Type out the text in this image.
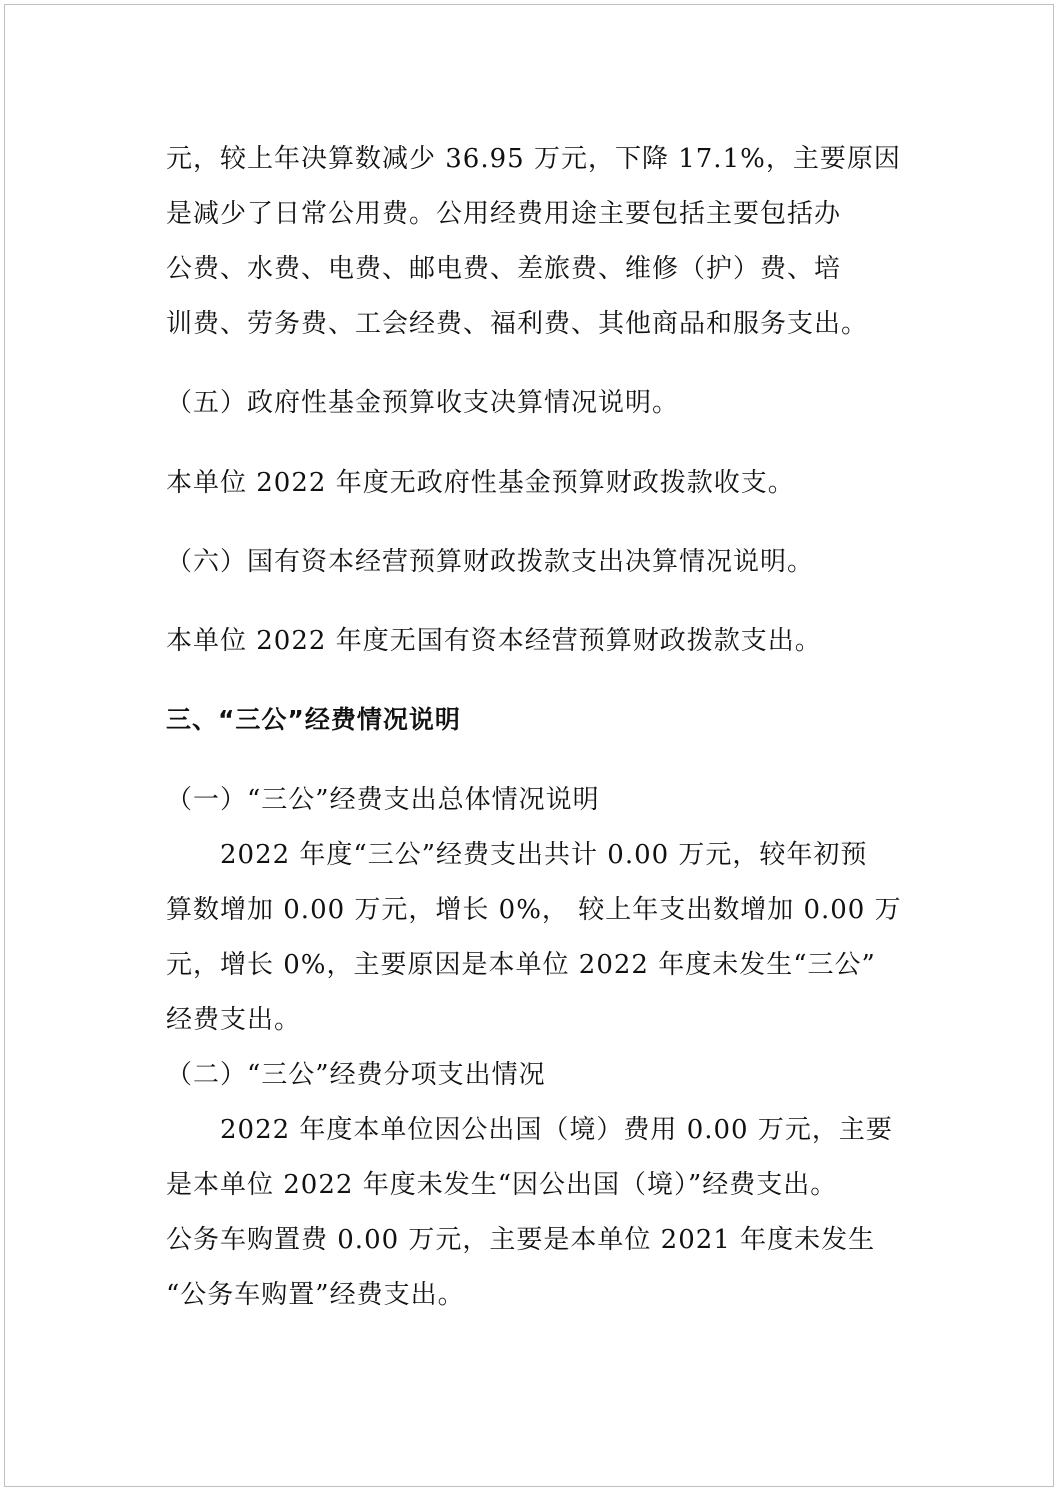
元，较上年决算数减少 36.95 万元，下降 17.1%，主要原因
是减少了日常公用费。公用经费用途主要包括主要包括办
公费、水费、电费、邮电费、差旅费、维修（护）费、培
训费、劳务费、工会经费、福利费、其他商品和服务支出。
（五）政府性基金预算收支决算情况说明。
本单位 2022 年度无政府性基金预算财政拨款收支。
（六）国有资本经营预算财政拨款支出决算情况说明。
本单位 2022 年度无国有资本经营预算财政拨款支出。
三、“三公”经费情况说明
（一）“三公”经费支出总体情况说明
2022 年度“三公”经费支出共计 0.00 万元，较年初预
算数增加 0.00 万元，增长 0%， 较上年支出数增加 0.00 万
元，增长 0%，主要原因是本单位 2022 年度未发生“三公”
经费支出。
（二）“三公”经费分项支出情况
2022 年度本单位因公出国（境）费用 0.00 万元，主要
是本单位 2022 年度未发生“因公出国（境）”经费支出。
公务车购置费 0.00 万元，主要是本单位 2021 年度未发生
“公务车购置”经费支出。
